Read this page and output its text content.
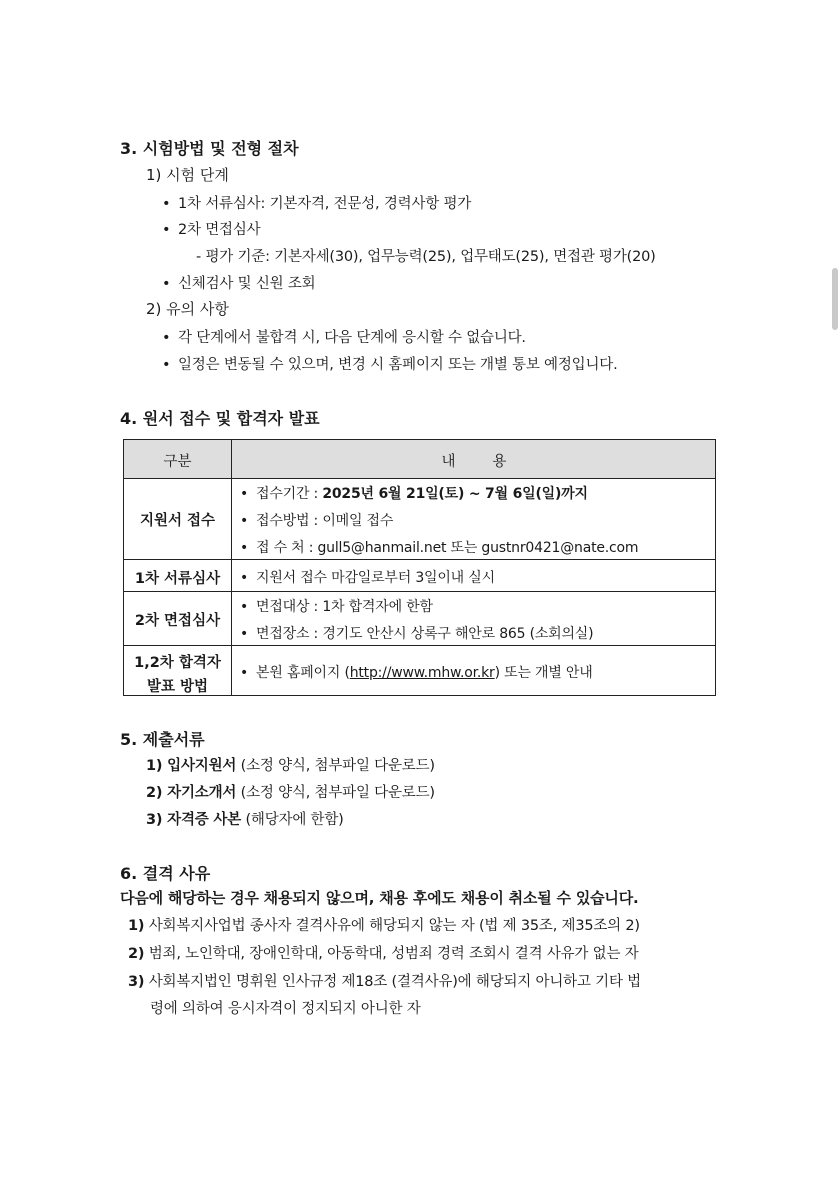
3. 시험방법 및 전형 절차
1) 시험 단계
• 1차 서류심사: 기본자격, 전문성, 경력사항 평가
• 2차 면접심사
- 평가 기준: 기본자세(30), 업무능력(25), 업무태도(25), 면접관 평가(20)
• 신체검사 및 신원 조회
2) 유의 사항
• 각 단계에서 불합격 시, 다음 단계에 응시할 수 없습니다.
• 일정은 변동될 수 있으며, 변경 시 홈페이지 또는 개별 통보 예정입니다.
4. 원서 접수 및 합격자 발표
구분	내        용
지원서 접수
• 접수기간 : 2025년 6월 21일(토) ~ 7월 6일(일)까지
• 접수방법 : 이메일 접수
• 접 수 처 : gull5@hanmail.net 또는 gustnr0421@nate.com
1차 서류심사	• 지원서 접수 마감일로부터 3일이내 실시
2차 면접심사
• 면접대상 : 1차 합격자에 한함
• 면접장소 : 경기도 안산시 상록구 해안로 865 (소회의실)
1,2차 합격자
발표 방법
• 본원 홈페이지 (http://www.mhw.or.kr) 또는 개별 안내
5. 제출서류
1) 입사지원서 (소정 양식, 첨부파일 다운로드)
2) 자기소개서 (소정 양식, 첨부파일 다운로드)
3) 자격증 사본 (해당자에 한함)
6. 결격 사유
다음에 해당하는 경우 채용되지 않으며, 채용 후에도 채용이 취소될 수 있습니다.
1) 사회복지사업법 종사자 결격사유에 해당되지 않는 자 (법 제 35조, 제35조의 2)
2) 범죄, 노인학대, 장애인학대, 아동학대, 성범죄 경력 조회시 결격 사유가 없는 자
3) 사회복지법인 명휘원 인사규정 제18조 (결격사유)에 해당되지 아니하고 기타 법
령에 의하여 응시자격이 정지되지 아니한 자
